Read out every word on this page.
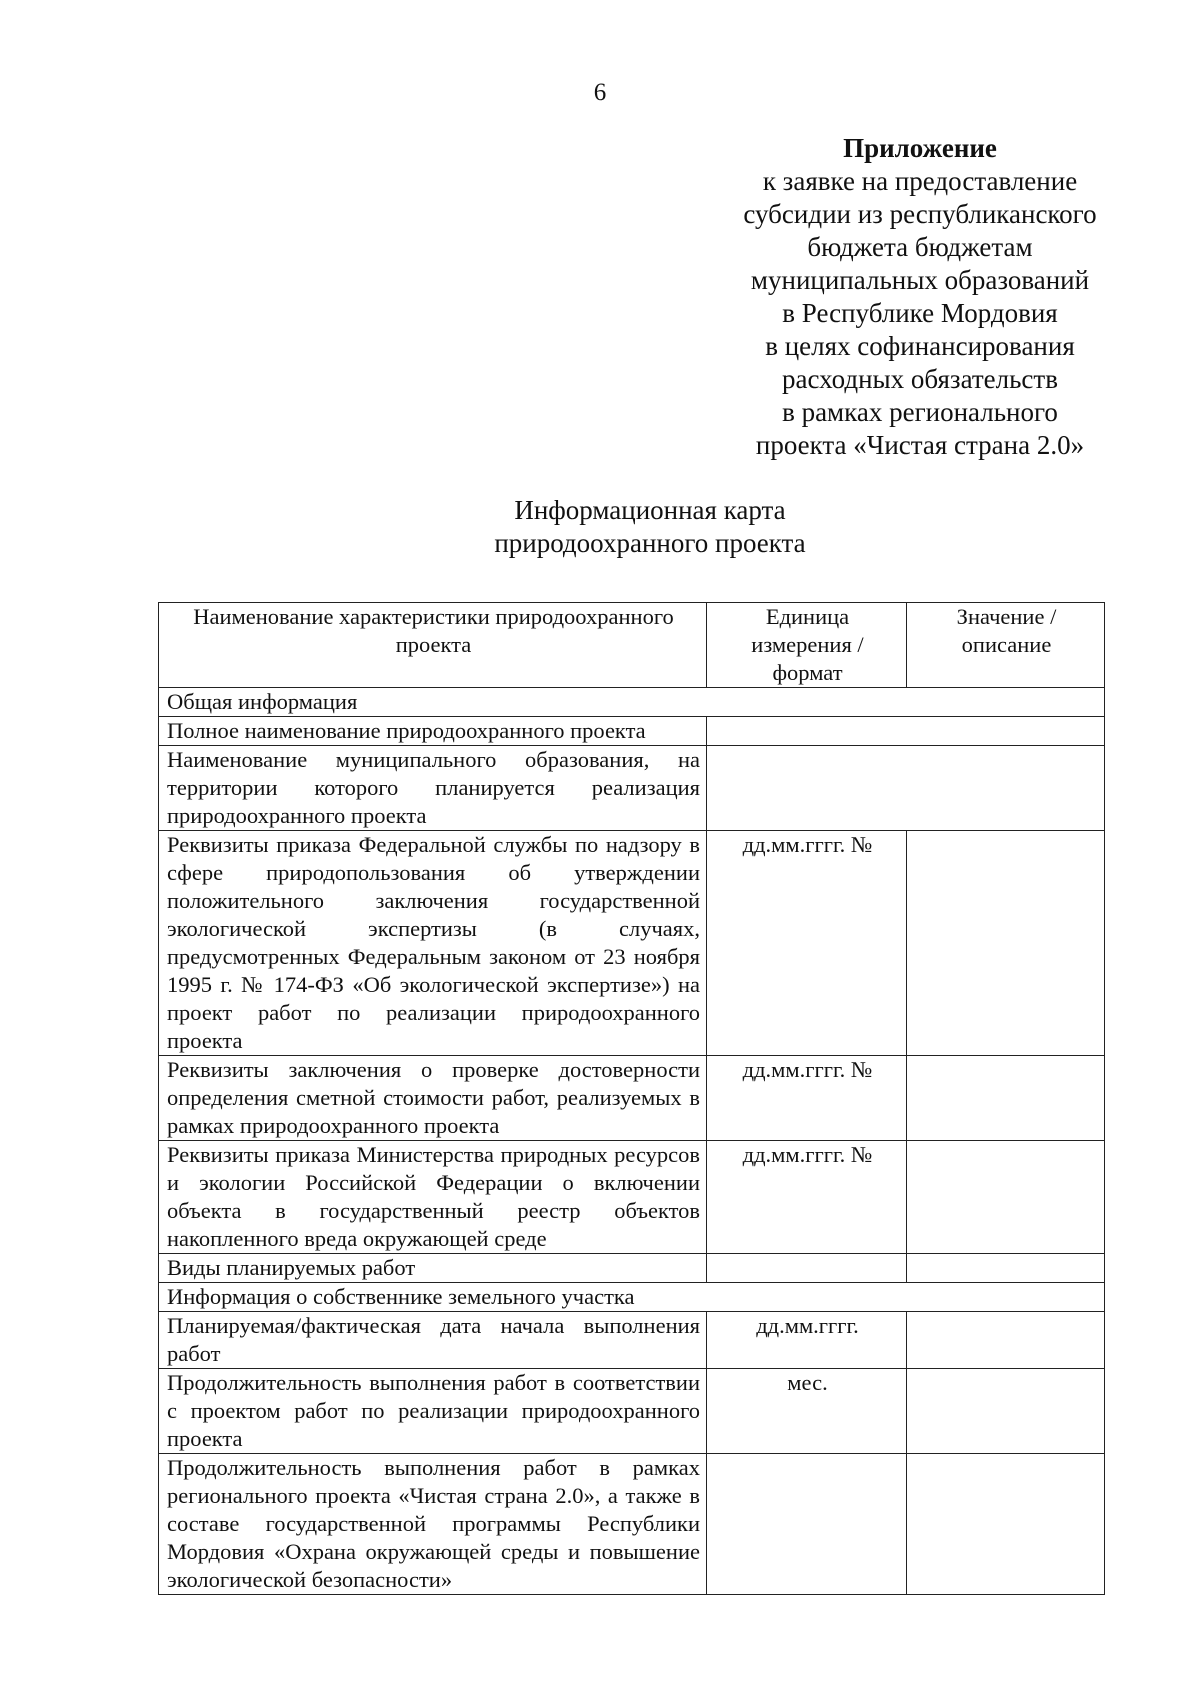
6
Приложение
к заявке на предоставление
субсидии из республиканского
бюджета бюджетам
муниципальных образований
в Республике Мордовия
в целях софинансирования
расходных обязательств
в рамках регионального
проекта «Чистая страна 2.0»
Информационная карта
природоохранного проекта
Наименование характеристики природоохранного проекта	Единица измерения / формат	Значение / описание
Общая информация		
Полное наименование природоохранного проекта		
Наименование муниципального образования, на территории которого планируется реализация природоохранного проекта		
Реквизиты приказа Федеральной службы по надзору в сфере природопользования об утверждении положительного заключения государственной экологической экспертизы (в случаях, предусмотренных Федеральным законом от 23 ноября 1995 г. № 174-ФЗ «Об экологической экспертизе») на проект работ по реализации природоохранного проекта	дд.мм.гггг. №	
Реквизиты заключения о проверке достоверности определения сметной стоимости работ, реализуемых в рамках природоохранного проекта	дд.мм.гггг. №	
Реквизиты приказа Министерства природных ресурсов и экологии Российской Федерации о включении объекта в государственный реестр объектов накопленного вреда окружающей среде	дд.мм.гггг. №	
Виды планируемых работ		
Информация о собственнике земельного участка		
Планируемая/фактическая дата начала выполнения работ	дд.мм.гггг.	
Продолжительность выполнения работ в соответствии с проектом работ по реализации природоохранного проекта	мес.	
Продолжительность выполнения работ в рамках регионального проекта «Чистая страна 2.0», а также в составе государственной программы Республики Мордовия «Охрана окружающей среды и повышение экологической безопасности»		
